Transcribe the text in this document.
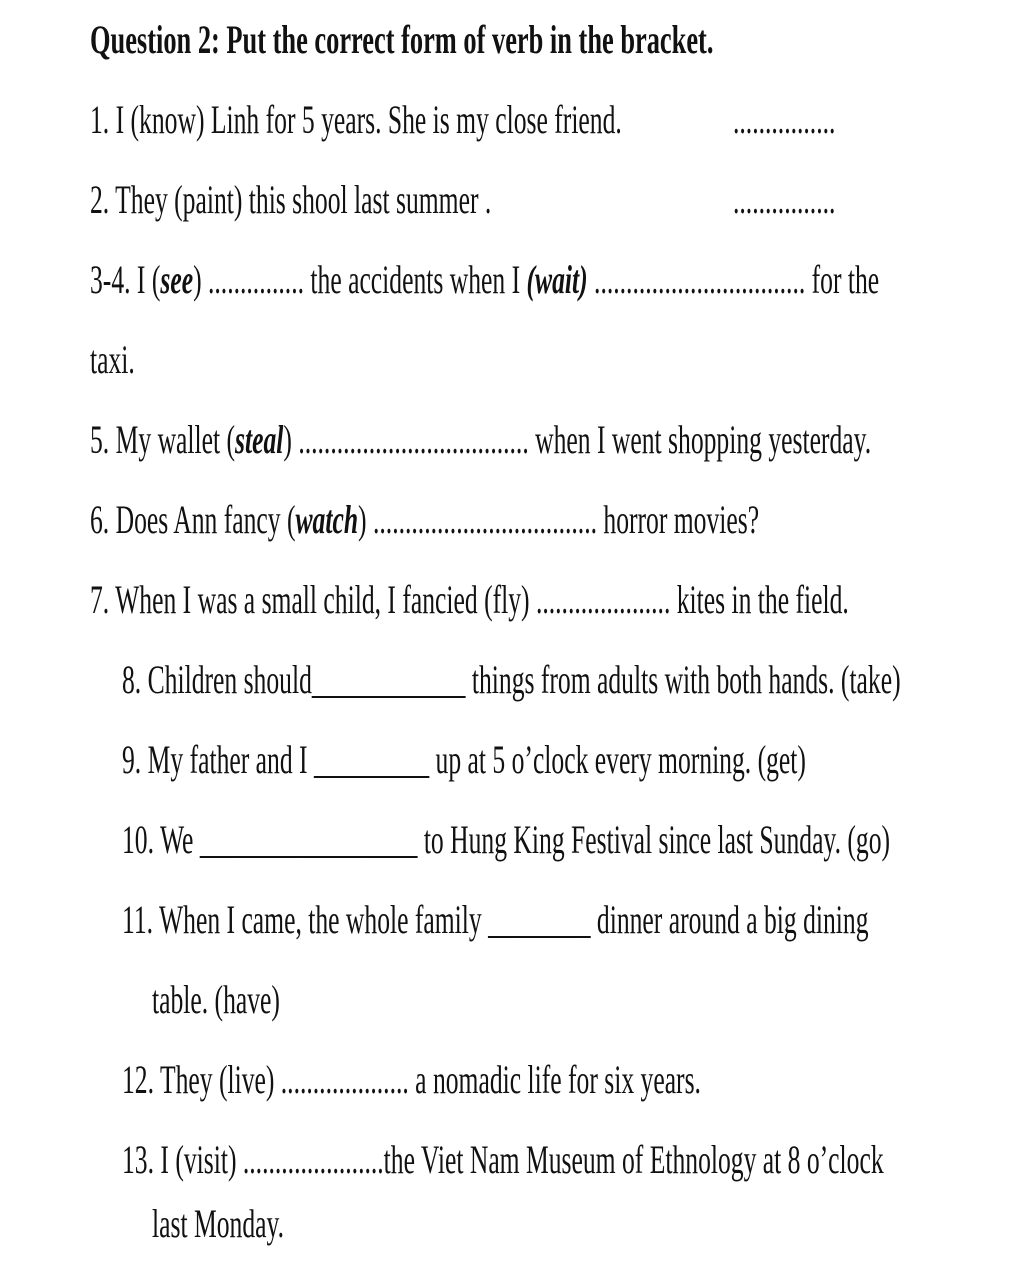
Question 2: Put the correct form of verb in the bracket.
1. I (know) Linh for 5 years. She is my close friend.	................
2. They (paint) this shool last summer .	................
3-4. I (see) ............... the accidents when I (wait) ................................. for the
taxi.
5. My wallet (steal) .................................... when I went shopping yesterday.
6. Does Ann fancy (watch) ................................... horror movies?
7. When I was a small child, I fancied (fly) ..................... kites in the field.
8. Children should____________ things from adults with both hands. (take)
9. My father and I _________ up at 5 o’clock every morning. (get)
10. We _________________ to Hung King Festival since last Sunday. (go)
11. When I came, the whole family ________ dinner around a big dining
table. (have)
12. They (live) .................... a nomadic life for six years.
13. I (visit) ......................the Viet Nam Museum of Ethnology at 8 o’clock
last Monday.
